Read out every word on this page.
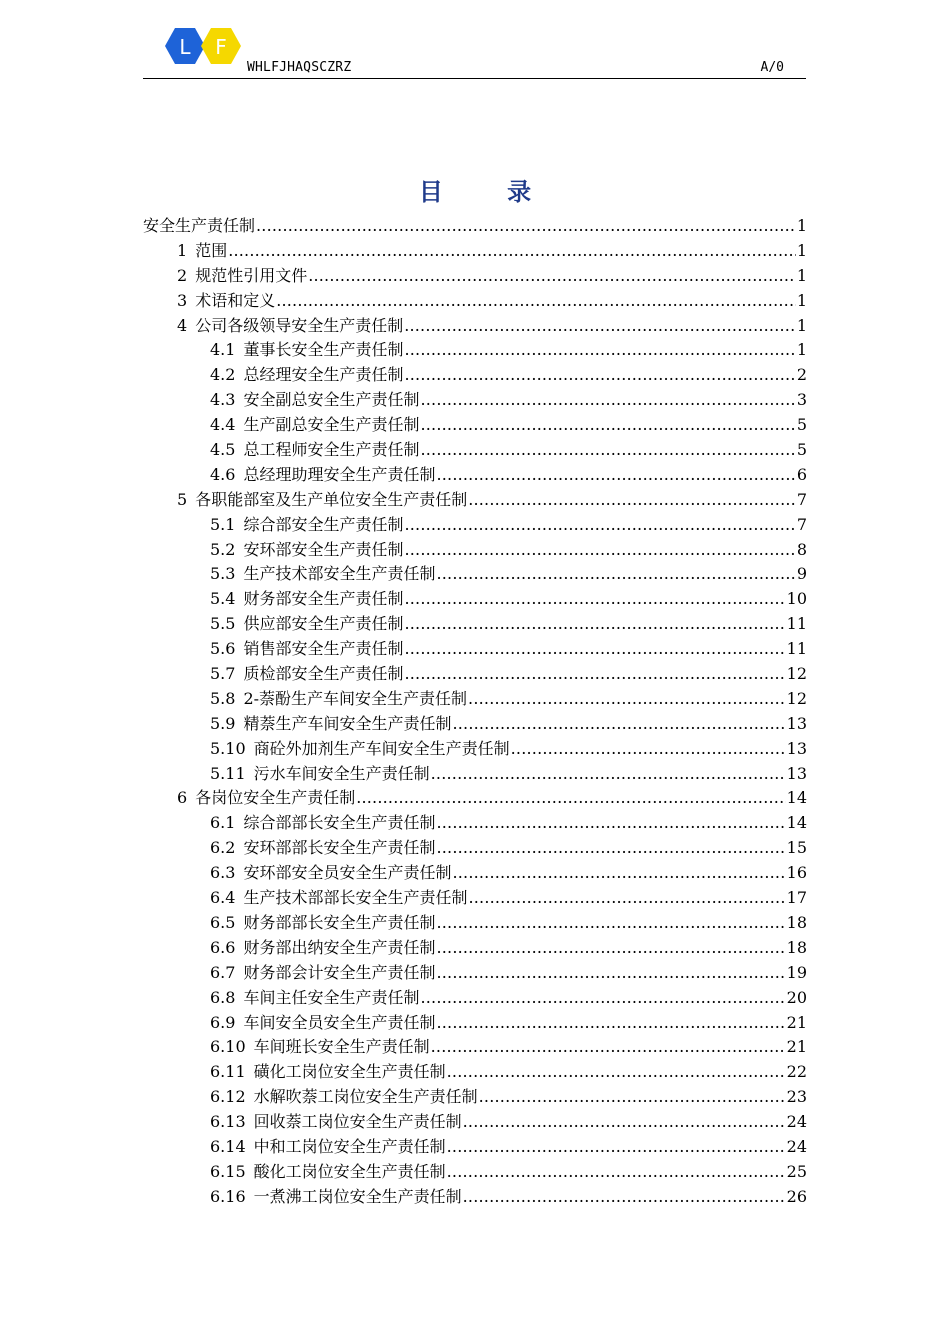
L F
WHLFJHAQSCZRZ	A/0
目 录
安全生产责任制 .....	1
1 范围 .....	1
2 规范性引用文件 .....	1
3 术语和定义 .....	1
4 公司各级领导安全生产责任制 .....	1
4.1 董事长安全生产责任制 .....	1
4.2 总经理安全生产责任制 .....	2
4.3 安全副总安全生产责任制 .....	3
4.4 生产副总安全生产责任制 .....	5
4.5 总工程师安全生产责任制 .....	5
4.6 总经理助理安全生产责任制 .....	6
5 各职能部室及生产单位安全生产责任制 .....	7
5.1 综合部安全生产责任制 .....	7
5.2 安环部安全生产责任制 .....	8
5.3 生产技术部安全生产责任制 .....	9
5.4 财务部安全生产责任制 .....	10
5.5 供应部安全生产责任制 .....	11
5.6 销售部安全生产责任制 .....	11
5.7 质检部安全生产责任制 .....	12
5.8 2-萘酚生产车间安全生产责任制 .....	12
5.9 精萘生产车间安全生产责任制 .....	13
5.10 商砼外加剂生产车间安全生产责任制 .....	13
5.11 污水车间安全生产责任制 .....	13
6 各岗位安全生产责任制 .....	14
6.1 综合部部长安全生产责任制 .....	14
6.2 安环部部长安全生产责任制 .....	15
6.3 安环部安全员安全生产责任制 .....	16
6.4 生产技术部部长安全生产责任制 .....	17
6.5 财务部部长安全生产责任制 .....	18
6.6 财务部出纳安全生产责任制 .....	18
6.7 财务部会计安全生产责任制 .....	19
6.8 车间主任安全生产责任制 .....	20
6.9 车间安全员安全生产责任制 .....	21
6.10 车间班长安全生产责任制 .....	21
6.11 磺化工岗位安全生产责任制 .....	22
6.12 水解吹萘工岗位安全生产责任制 .....	23
6.13 回收萘工岗位安全生产责任制 .....	24
6.14 中和工岗位安全生产责任制 .....	24
6.15 酸化工岗位安全生产责任制 .....	25
6.16 一煮沸工岗位安全生产责任制 .....	26
